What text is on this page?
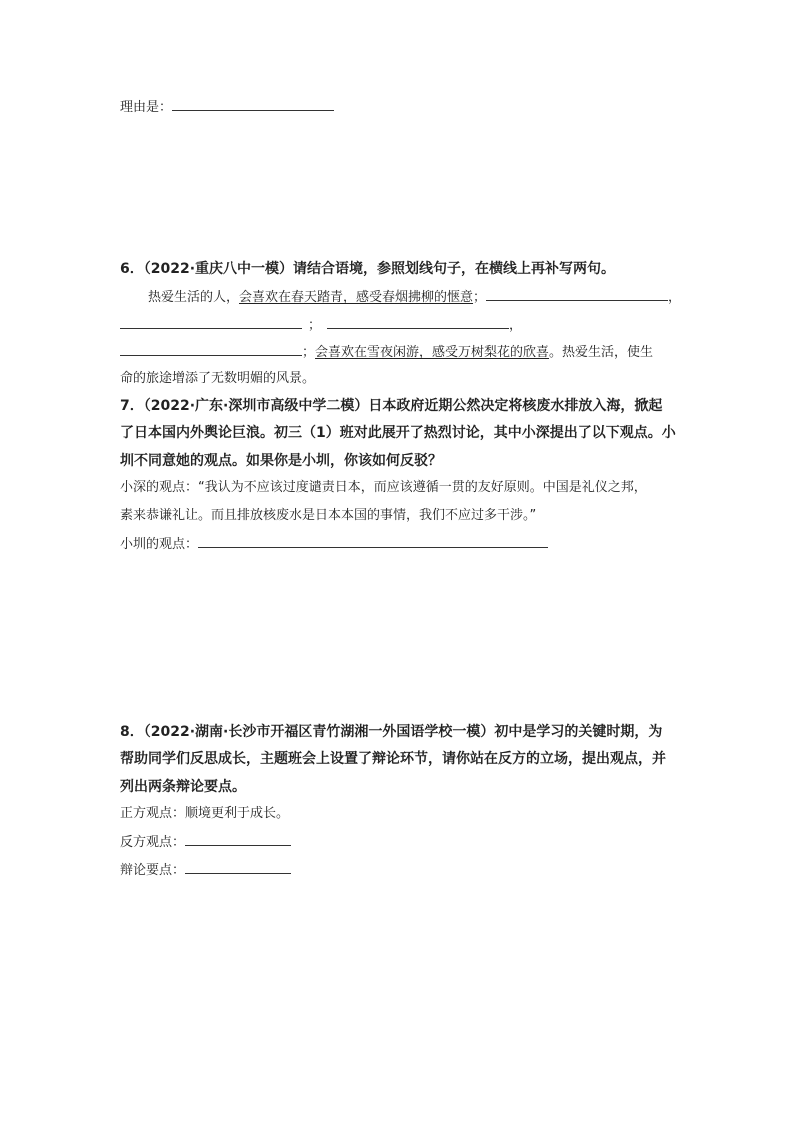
理由是：
6．（2022·重庆八中一模）请结合语境，参照划线句子，在横线上再补写两句。
热爱生活的人，会喜欢在春天踏青，感受春烟拂柳的惬意；	，
；	，
；会喜欢在雪夜闲游，感受万树梨花的欣喜。热爱生活，使生
命的旅途增添了无数明媚的风景。
7．（2022·广东·深圳市高级中学二模）日本政府近期公然决定将核废水排放入海，掀起
了日本国内外舆论巨浪。初三（1）班对此展开了热烈讨论，其中小深提出了以下观点。小
圳不同意她的观点。如果你是小圳，你该如何反驳？
小深的观点：“我认为不应该过度谴责日本，而应该遵循一贯的友好原则。中国是礼仪之邦，
素来恭谦礼让。而且排放核废水是日本本国的事情，我们不应过多干涉。”
小圳的观点：
8．（2022·湖南·长沙市开福区青竹湖湘一外国语学校一模）初中是学习的关键时期，为
帮助同学们反思成长，主题班会上设置了辩论环节，请你站在反方的立场，提出观点，并
列出两条辩论要点。
正方观点：顺境更利于成长。
反方观点：
辩论要点：
